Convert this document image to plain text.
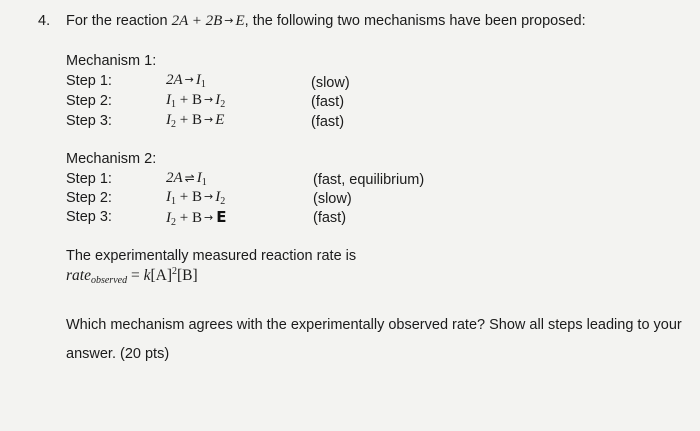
4. For the reaction 2A + 2B → E, the following two mechanisms have been proposed:
Mechanism 1:
Step 1:	$2A \to I_1$	(slow)
Step 2:	$I_1 + B \to I_2$	(fast)
Step 3:	$I_2 + B \to E$	(fast)
Mechanism 2:
Step 1:	2A ⇌ $I_1$	(fast, equilibrium)
Step 2:	$I_1 + B \to I_2$	(slow)
Step 3:	$I_2 + B \to E$	(fast)
The experimentally measured reaction rate is
rate$_{observed}$ = $k[A]^2[B]$
Which mechanism agrees with the experimentally observed rate? Show all steps leading to your
answer. (20 pts)
